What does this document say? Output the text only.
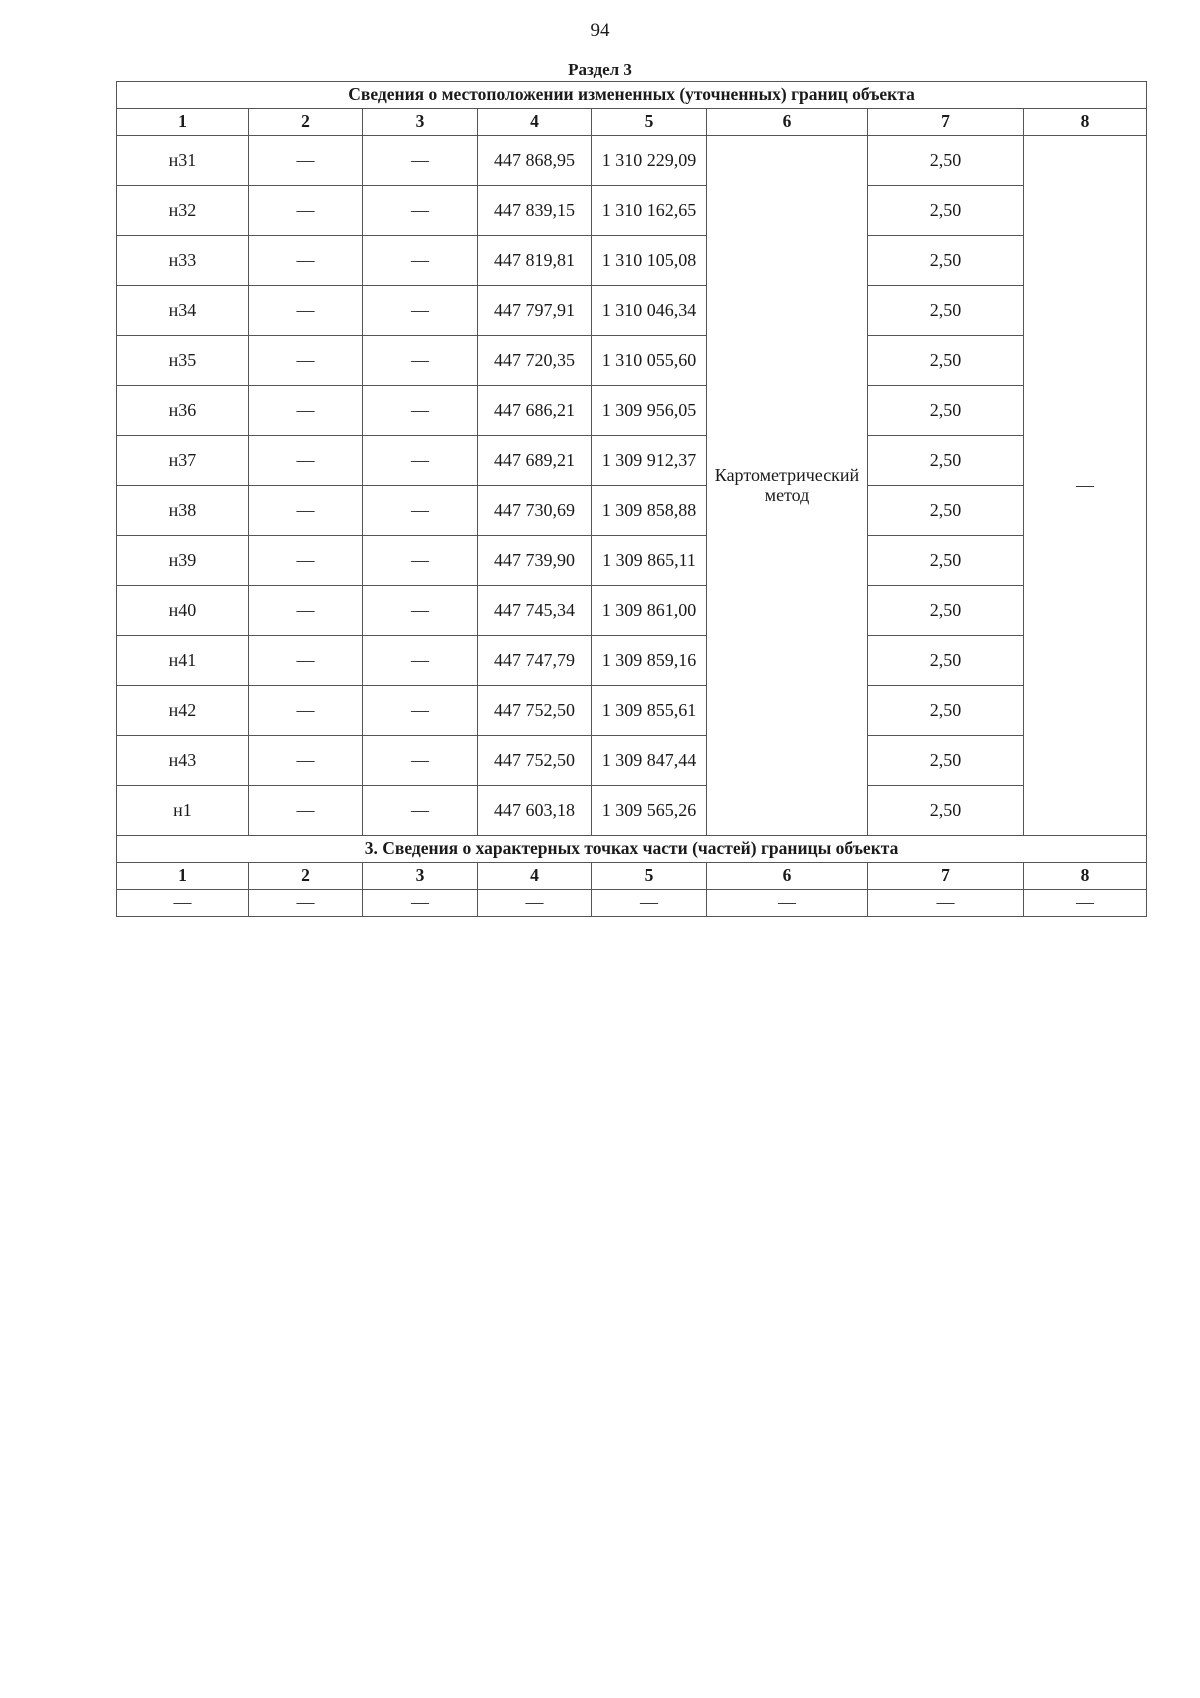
94
Раздел 3
Сведения о местоположении измененных (уточненных) границ объекта							
1	2	3	4	5	6	7	8
н31	—	—	447 868,95	1 310 229,09	Картометрический метод	2,50	—
н32	—	—	447 839,15	1 310 162,65		2,50	
н33	—	—	447 819,81	1 310 105,08		2,50	
н34	—	—	447 797,91	1 310 046,34		2,50	
н35	—	—	447 720,35	1 310 055,60		2,50	
н36	—	—	447 686,21	1 309 956,05		2,50	
н37	—	—	447 689,21	1 309 912,37		2,50	
н38	—	—	447 730,69	1 309 858,88		2,50	
н39	—	—	447 739,90	1 309 865,11		2,50	
н40	—	—	447 745,34	1 309 861,00		2,50	
н41	—	—	447 747,79	1 309 859,16		2,50	
н42	—	—	447 752,50	1 309 855,61		2,50	
н43	—	—	447 752,50	1 309 847,44		2,50	
н1	—	—	447 603,18	1 309 565,26		2,50	
3. Сведения о характерных точках части (частей) границы объекта							
1	2	3	4	5	6	7	8
—	—	—	—	—	—	—	—
